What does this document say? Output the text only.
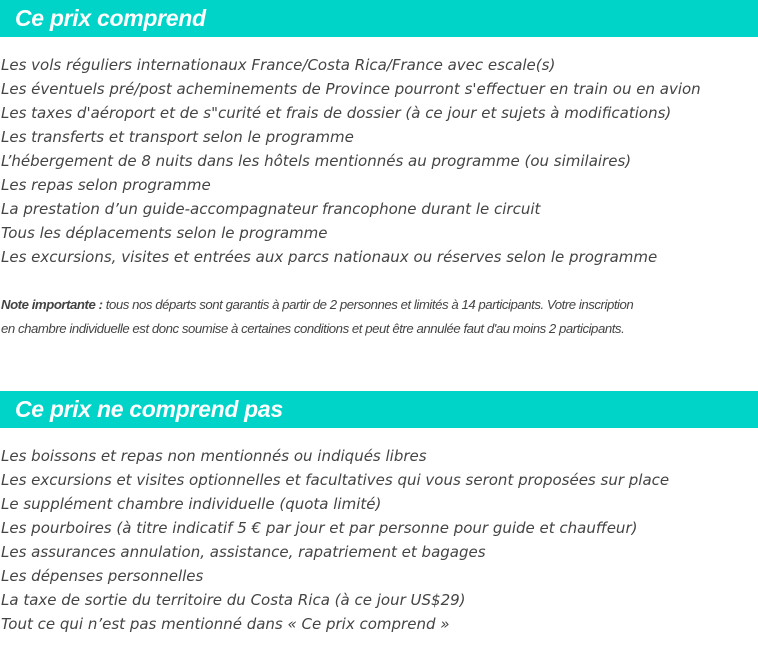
Ce prix comprend
Les vols réguliers internationaux France/Costa Rica/France avec escale(s)
Les éventuels pré/post acheminements de Province pourront s'effectuer en train ou en avion
Les taxes d'aéroport et de s"curité et frais de dossier (à ce jour et sujets à modifications)
Les transferts et transport selon le programme
L’hébergement de 8 nuits dans les hôtels mentionnés au programme (ou similaires)
Les repas selon programme
La prestation d’un guide-accompagnateur francophone durant le circuit
Tous les déplacements selon le programme
Les excursions, visites et entrées aux parcs nationaux ou réserves selon le programme

Note importante : tous nos départs sont garantis à partir de 2 personnes et limités à 14 participants. Votre inscription
en chambre individuelle est donc soumise à certaines conditions et peut être annulée faut d'au moins 2 participants.

Ce prix ne comprend pas
Les boissons et repas non mentionnés ou indiqués libres
Les excursions et visites optionnelles et facultatives qui vous seront proposées sur place
Le supplément chambre individuelle (quota limité)
Les pourboires (à titre indicatif 5 € par jour et par personne pour guide et chauffeur)
Les assurances annulation, assistance, rapatriement et bagages
Les dépenses personnelles
La taxe de sortie du territoire du Costa Rica (à ce jour US$29)
Tout ce qui n’est pas mentionné dans « Ce prix comprend »
